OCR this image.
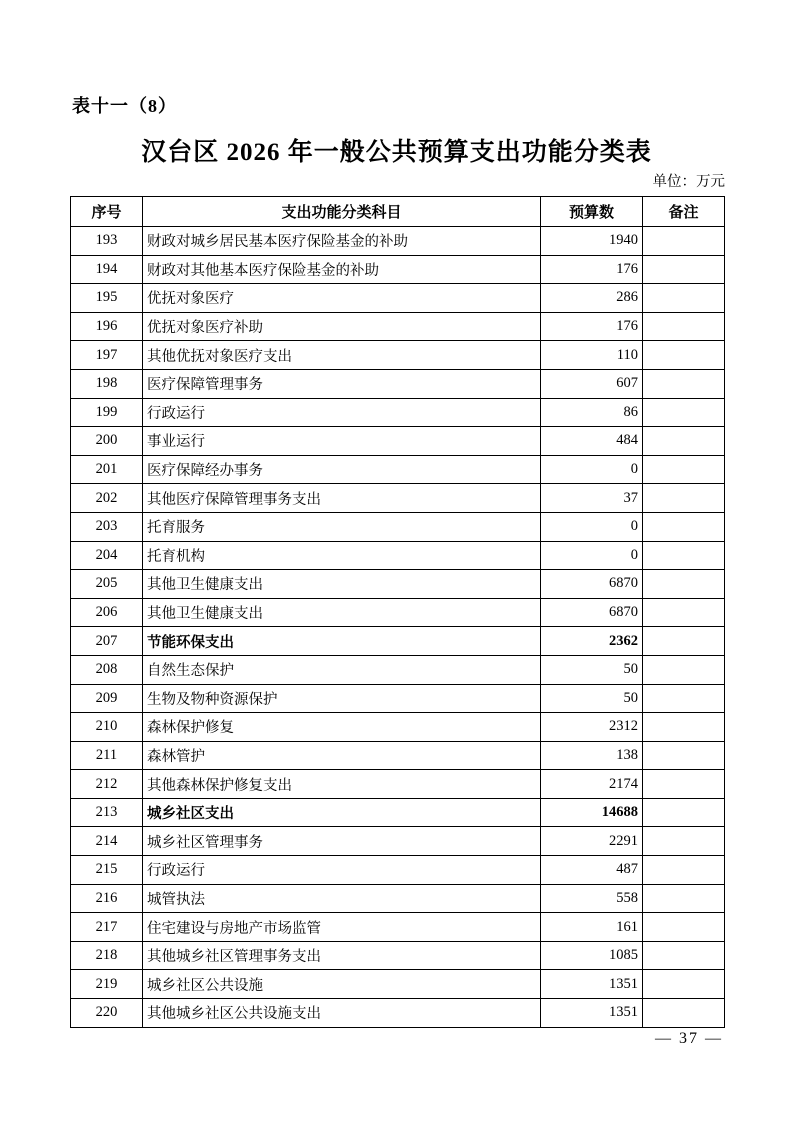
表十一（8）
汉台区 2026 年一般公共预算支出功能分类表
单位：万元
序号	支出功能分类科目	预算数	备注
193	财政对城乡居民基本医疗保险基金的补助	1940	
194	财政对其他基本医疗保险基金的补助	176	
195	优抚对象医疗	286	
196	优抚对象医疗补助	176	
197	其他优抚对象医疗支出	110	
198	医疗保障管理事务	607	
199	行政运行	86	
200	事业运行	484	
201	医疗保障经办事务	0	
202	其他医疗保障管理事务支出	37	
203	托育服务	0	
204	托育机构	0	
205	其他卫生健康支出	6870	
206	其他卫生健康支出	6870	
207	节能环保支出	2362	
208	自然生态保护	50	
209	生物及物种资源保护	50	
210	森林保护修复	2312	
211	森林管护	138	
212	其他森林保护修复支出	2174	
213	城乡社区支出	14688	
214	城乡社区管理事务	2291	
215	行政运行	487	
216	城管执法	558	
217	住宅建设与房地产市场监管	161	
218	其他城乡社区管理事务支出	1085	
219	城乡社区公共设施	1351	
220	其他城乡社区公共设施支出	1351	
— 37 —
